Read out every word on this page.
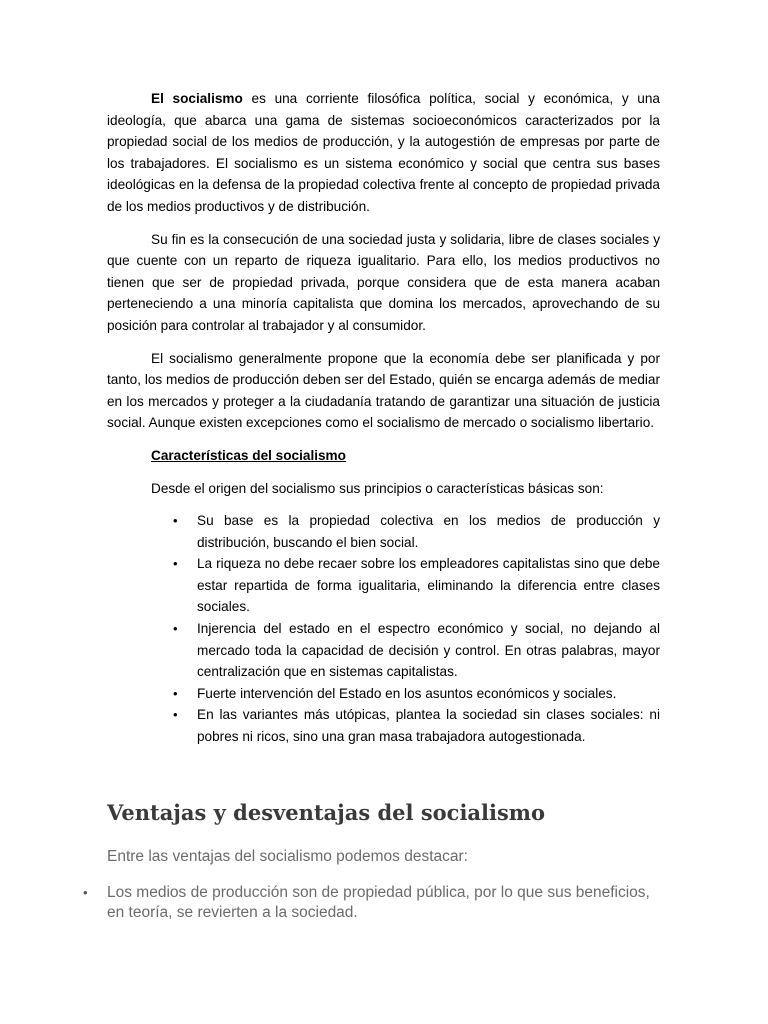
El socialismo es una corriente filosófica política, social y económica, y una ideología, que abarca una gama de sistemas socioeconómicos caracterizados por la propiedad social de los medios de producción, y la autogestión de empresas por parte de los trabajadores. El socialismo es un sistema económico y social que centra sus bases ideológicas en la defensa de la propiedad colectiva frente al concepto de propiedad privada de los medios productivos y de distribución.

Su fin es la consecución de una sociedad justa y solidaria, libre de clases sociales y que cuente con un reparto de riqueza igualitario. Para ello, los medios productivos no tienen que ser de propiedad privada, porque considera que de esta manera acaban perteneciendo a una minoría capitalista que domina los mercados, aprovechando de su posición para controlar al trabajador y al consumidor.

El socialismo generalmente propone que la economía debe ser planificada y por tanto, los medios de producción deben ser del Estado, quién se encarga además de mediar en los mercados y proteger a la ciudadanía tratando de garantizar una situación de justicia social. Aunque existen excepciones como el socialismo de mercado o socialismo libertario.

Características del socialismo

Desde el origen del socialismo sus principios o características básicas son:

• Su base es la propiedad colectiva en los medios de producción y distribución, buscando el bien social.
• La riqueza no debe recaer sobre los empleadores capitalistas sino que debe estar repartida de forma igualitaria, eliminando la diferencia entre clases sociales.
• Injerencia del estado en el espectro económico y social, no dejando al mercado toda la capacidad de decisión y control. En otras palabras, mayor centralización que en sistemas capitalistas.
• Fuerte intervención del Estado en los asuntos económicos y sociales.
• En las variantes más utópicas, plantea la sociedad sin clases sociales: ni pobres ni ricos, sino una gran masa trabajadora autogestionada.
Ventajas y desventajas del socialismo

Entre las ventajas del socialismo podemos destacar:

• Los medios de producción son de propiedad pública, por lo que sus beneficios, en teoría, se revierten a la sociedad.
